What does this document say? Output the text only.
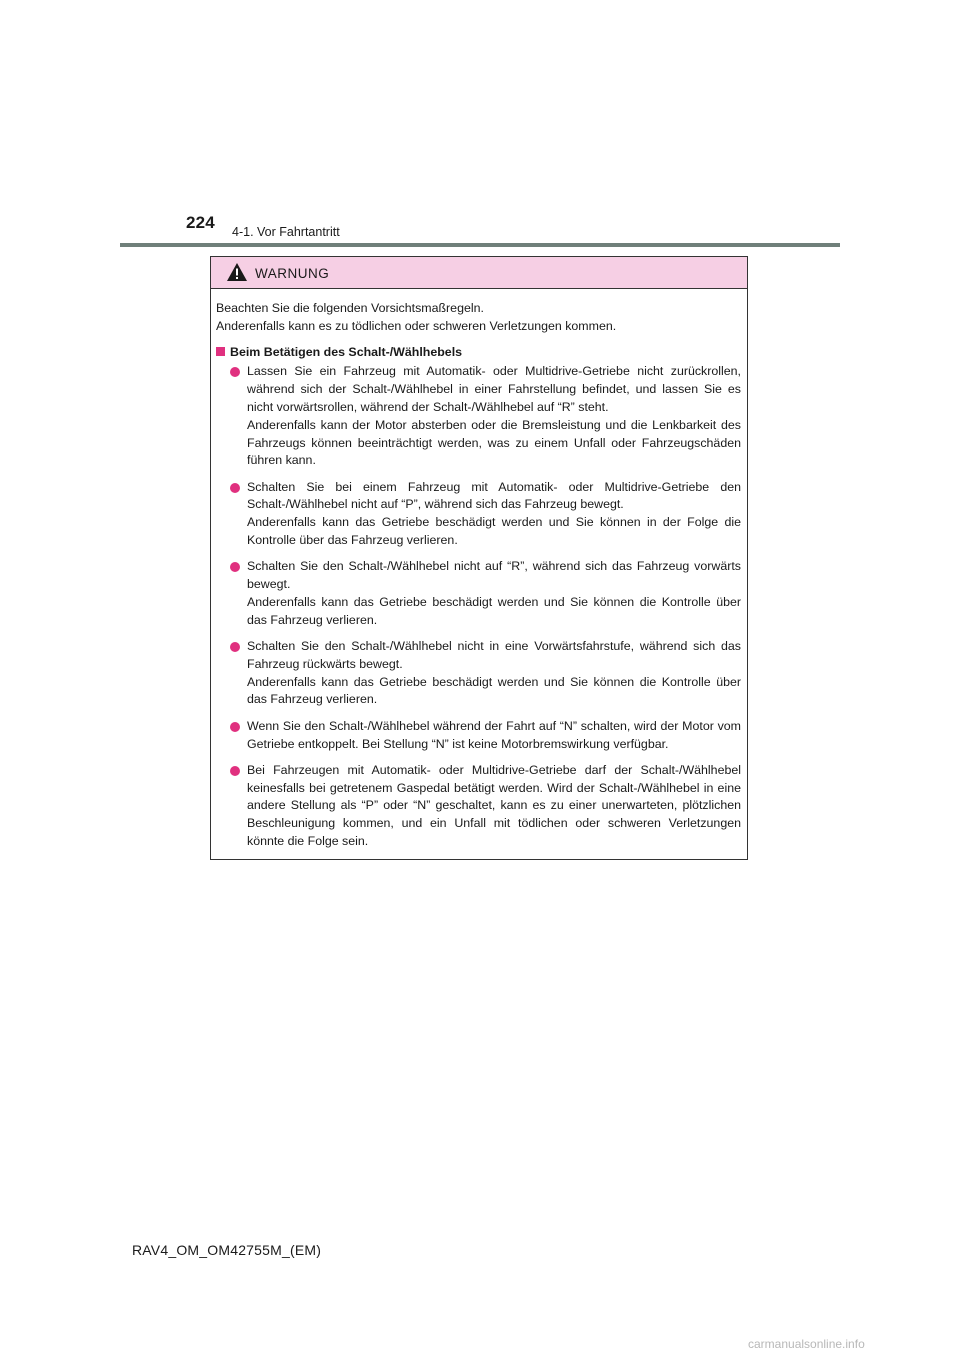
224 4-1. Vor Fahrtantritt
WARNUNG

Beachten Sie die folgenden Vorsichtsmaßregeln.

Anderenfalls kann es zu tödlichen oder schweren Verletzungen kommen.

Beim Betätigen des Schalt-/Wählhebels

Lassen Sie ein Fahrzeug mit Automatik- oder Multidrive-Getriebe nicht zurückrollen, während sich der Schalt-/Wählhebel in einer Fahrstellung befindet, und lassen Sie es nicht vorwärtsrollen, während der Schalt-/Wählhebel auf “R” steht.

Anderenfalls kann der Motor absterben oder die Bremsleistung und die Lenkbarkeit des Fahrzeugs können beeinträchtigt werden, was zu einem Unfall oder Fahrzeugschäden führen kann.

Schalten Sie bei einem Fahrzeug mit Automatik- oder Multidrive-Getriebe den Schalt-/Wählhebel nicht auf “P”, während sich das Fahrzeug bewegt.

Anderenfalls kann das Getriebe beschädigt werden und Sie können in der Folge die Kontrolle über das Fahrzeug verlieren.

Schalten Sie den Schalt-/Wählhebel nicht auf “R”, während sich das Fahrzeug vorwärts bewegt.

Anderenfalls kann das Getriebe beschädigt werden und Sie können die Kontrolle über das Fahrzeug verlieren.

Schalten Sie den Schalt-/Wählhebel nicht in eine Vorwärtsfahrstufe, während sich das Fahrzeug rückwärts bewegt.

Anderenfalls kann das Getriebe beschädigt werden und Sie können die Kontrolle über das Fahrzeug verlieren.

Wenn Sie den Schalt-/Wählhebel während der Fahrt auf “N” schalten, wird der Motor vom Getriebe entkoppelt. Bei Stellung “N” ist keine Motorbremswirkung verfügbar.

Bei Fahrzeugen mit Automatik- oder Multidrive-Getriebe darf der Schalt-/Wählhebel keinesfalls bei getretenem Gaspedal betätigt werden. Wird der Schalt-/Wählhebel in eine andere Stellung als “P” oder “N” geschaltet, kann es zu einer unerwarteten, plötzlichen Beschleunigung kommen, und ein Unfall mit tödlichen oder schweren Verletzungen könnte die Folge sein.

RAV4_OM_OM42755M_(EM)
carmanualsonline.info
